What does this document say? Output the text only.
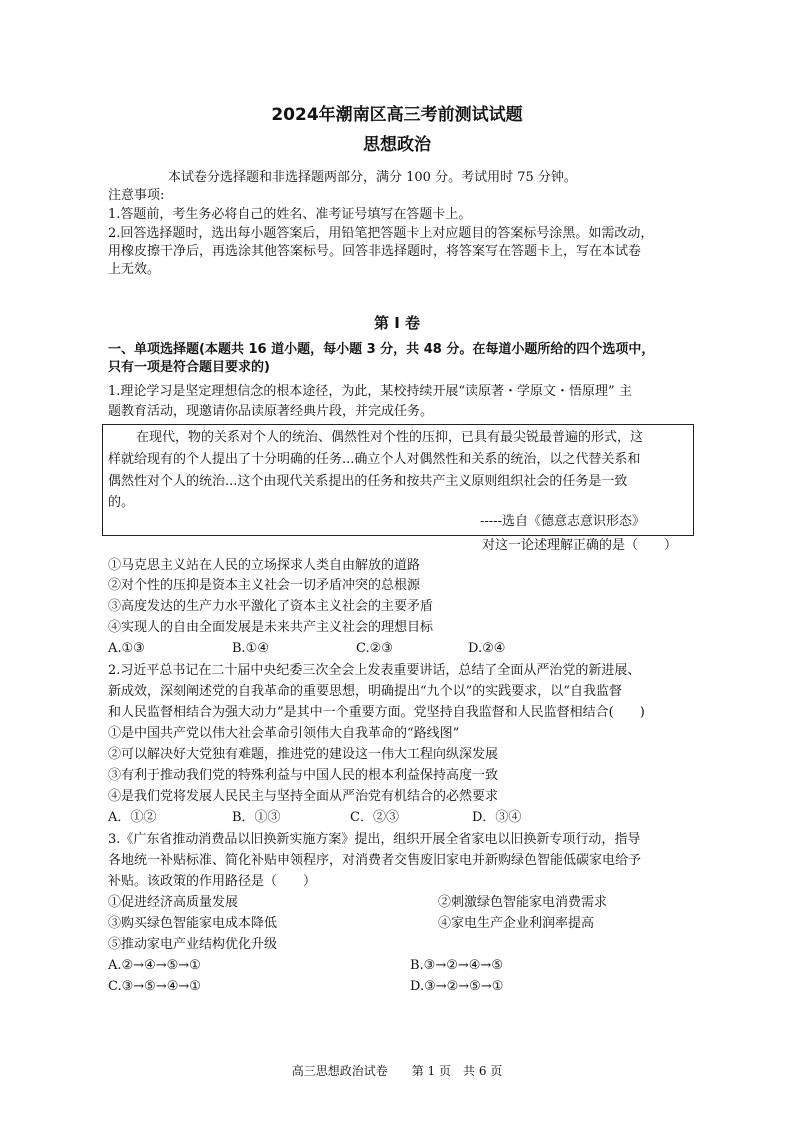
2024年潮南区高三考前测试试题
思想政治
本试卷分选择题和非选择题两部分，满分 100 分。考试用时 75 分钟。
注意事项:
1.答题前，考生务必将自己的姓名、准考证号填写在答题卡上。
2.回答选择题时，选出每小题答案后，用铅笔把答题卡上对应题目的答案标号涂黑。如需改动，
用橡皮擦干净后，再选涂其他答案标号。回答非选择题时，将答案写在答题卡上，写在本试卷
上无效。
第 I 卷
一、单项选择题(本题共 16 道小题，每小题 3 分，共 48 分。在每道小题所给的四个选项中，
只有一项是符合题目要求的)
1.理论学习是坚定理想信念的根本途径，为此，某校持续开展“读原著・学原文・悟原理” 主
题教育活动，现邀请你品读原著经典片段，并完成任务。
在现代，物的关系对个人的统治、偶然性对个性的压抑，已具有最尖锐最普遍的形式，这
样就给现有的个人提出了十分明确的任务...确立个人对偶然性和关系的统治，以之代替关系和
偶然性对个人的统治...这个由现代关系提出的任务和按共产主义原则组织社会的任务是一致
的。
-----选自《德意志意识形态》
对这一论述理解正确的是（　　）
①马克思主义站在人民的立场探求人类自由解放的道路
②对个性的压抑是资本主义社会一切矛盾冲突的总根源
③高度发达的生产力水平激化了资本主义社会的主要矛盾
④实现人的自由全面发展是未来共产主义社会的理想目标
A.①③	B.①④	C.②③	D.②④
2.习近平总书记在二十届中央纪委三次全会上发表重要讲话，总结了全面从严治党的新进展、
新成效，深刻阐述党的自我革命的重要思想，明确提出“九个以”的实践要求，以“自我监督
和人民监督相结合为强大动力”是其中一个重要方面。党坚持自我监督和人民监督相结合(　　)
①是中国共产党以伟大社会革命引领伟大自我革命的“路线图”
②可以解决好大党独有难题，推进党的建设这一伟大工程向纵深发展
③有利于推动我们党的特殊利益与中国人民的根本利益保持高度一致
④是我们党将发展人民民主与坚持全面从严治党有机结合的必然要求
A．①②	B．①③	C．②③	D．③④
3.《广东省推动消费品以旧换新实施方案》提出，组织开展全省家电以旧换新专项行动，指导
各地统一补贴标准、简化补贴申领程序，对消费者交售废旧家电并新购绿色智能低碳家电给予
补贴。该政策的作用路径是（　　）
①促进经济高质量发展	②刺激绿色智能家电消费需求
③购买绿色智能家电成本降低	④家电生产企业利润率提高
⑤推动家电产业结构优化升级
A.②→④→⑤→①	B.③→②→④→⑤
C.③→⑤→④→①	D.③→②→⑤→①
高三思想政治试卷　　第 1 页　共 6 页
